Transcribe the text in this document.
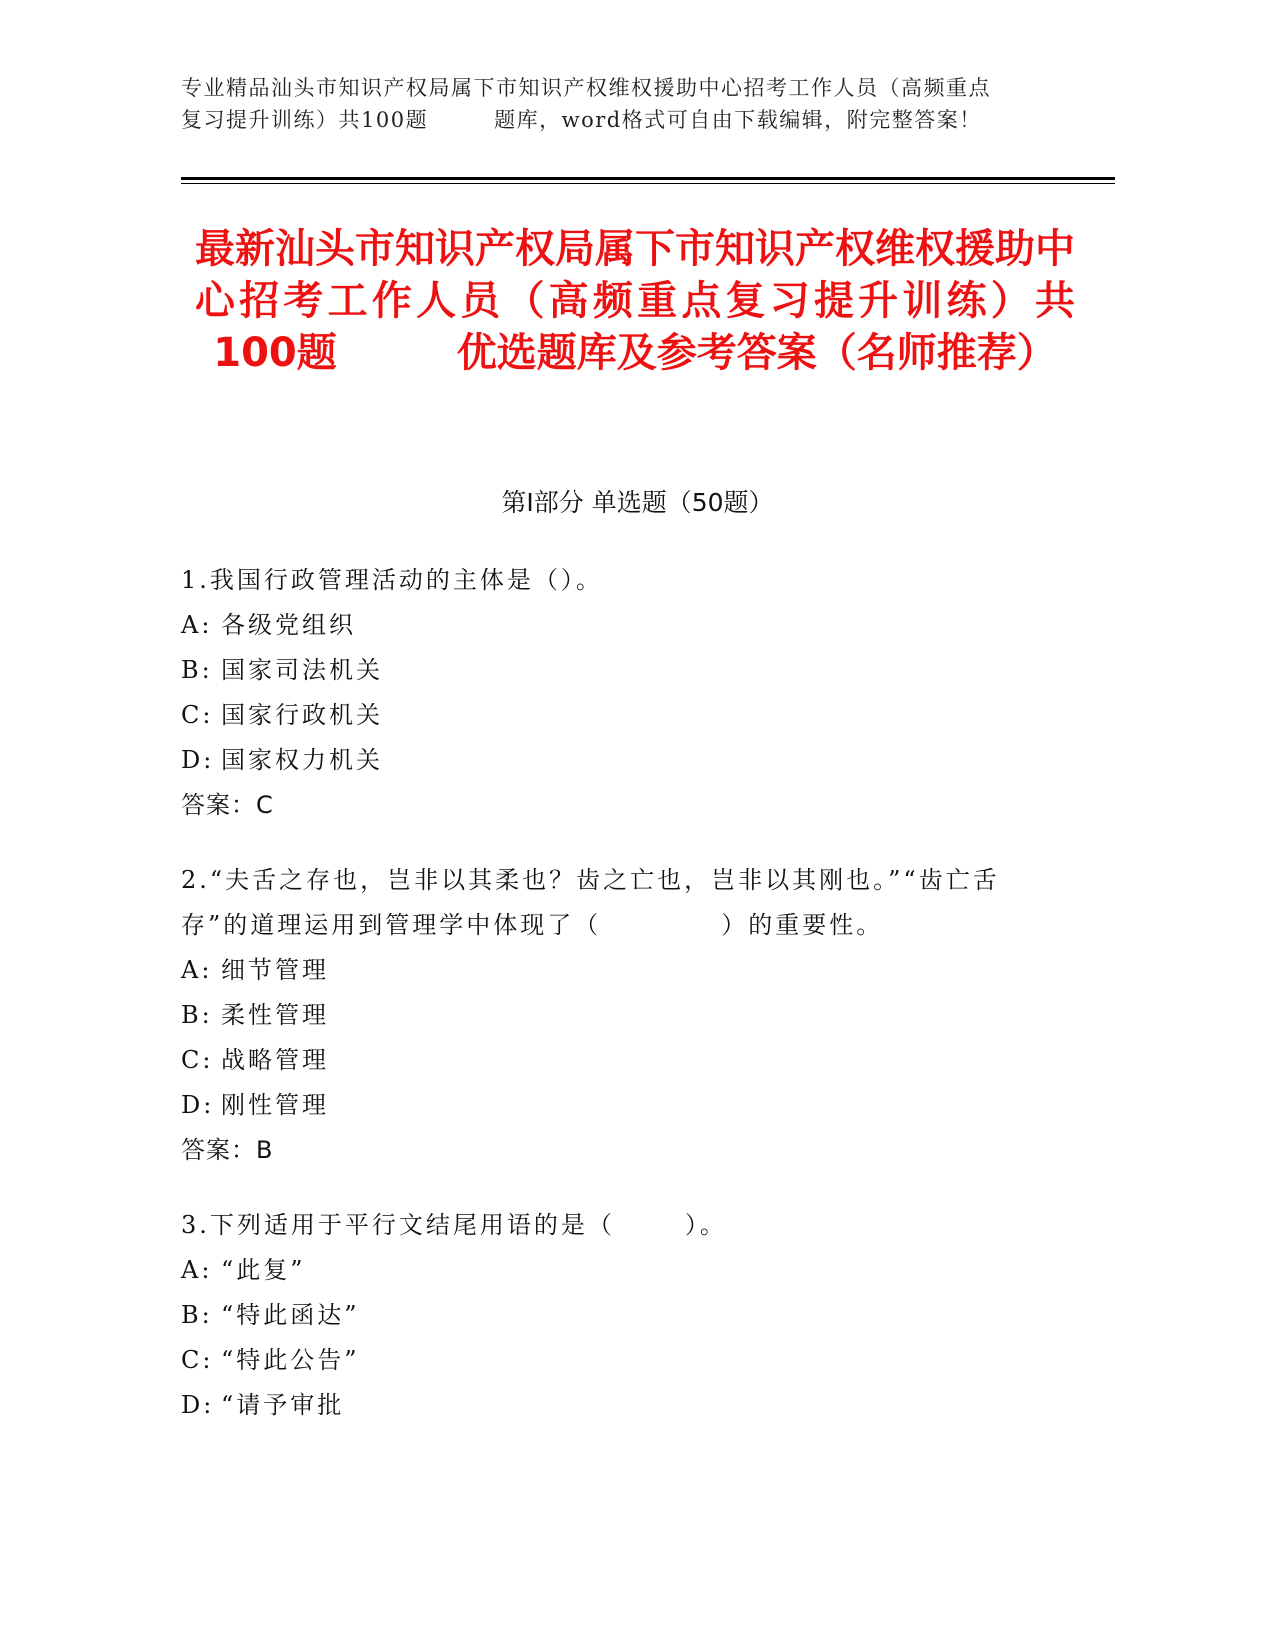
专业精品汕头市知识产权局属下市知识产权维权援助中心招考工作人员（高频重点
复习提升训练）共100题	题库，word格式可自由下载编辑，附完整答案！
最新汕头市知识产权局属下市知识产权维权援助中心招考工作人员（高频重点复习提升训练）共100题	优选题库及参考答案（名师推荐）
第Ⅰ部分 单选题（50题）
1.我国行政管理活动的主体是（）。
A: 各级党组织
B: 国家司法机关
C: 国家行政机关
D: 国家权力机关
答案：C
2.“夫舌之存也，岂非以其柔也？齿之亡也，岂非以其刚也。”“齿亡舌存”的道理运用到管理学中体现了（	）的重要性。
A: 细节管理
B: 柔性管理
C: 战略管理
D: 刚性管理
答案：B
3.下列适用于平行文结尾用语的是（	）。
A: “此复”
B: “特此函达”
C: “特此公告”
D: “请予审批
